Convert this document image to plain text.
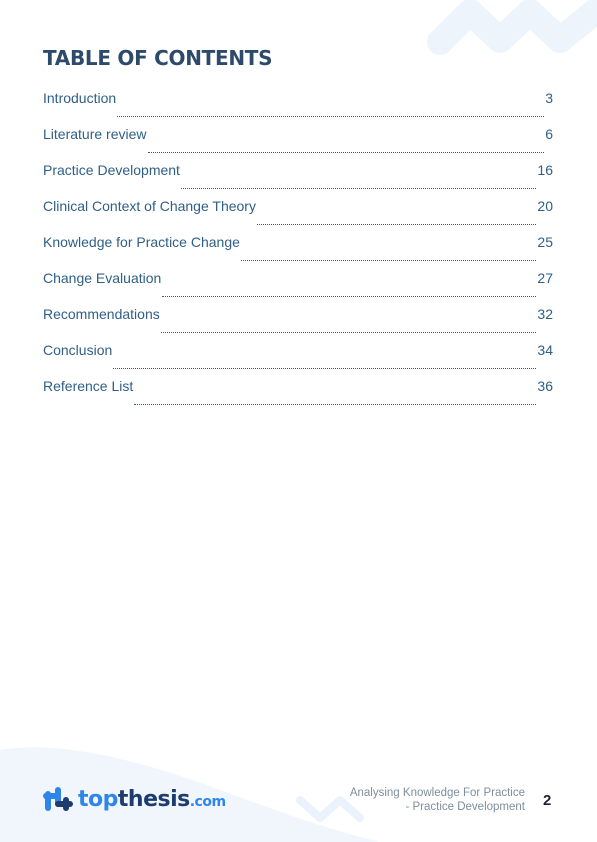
TABLE OF CONTENTS
Introduction	3
Literature review	6
Practice Development	16
Clinical Context of Change Theory	20
Knowledge for Practice Change	25
Change Evaluation	27
Recommendations	32
Conclusion	34
Reference List	36
topthesis.com
Analysing Knowledge For Practice
- Practice Development 2
